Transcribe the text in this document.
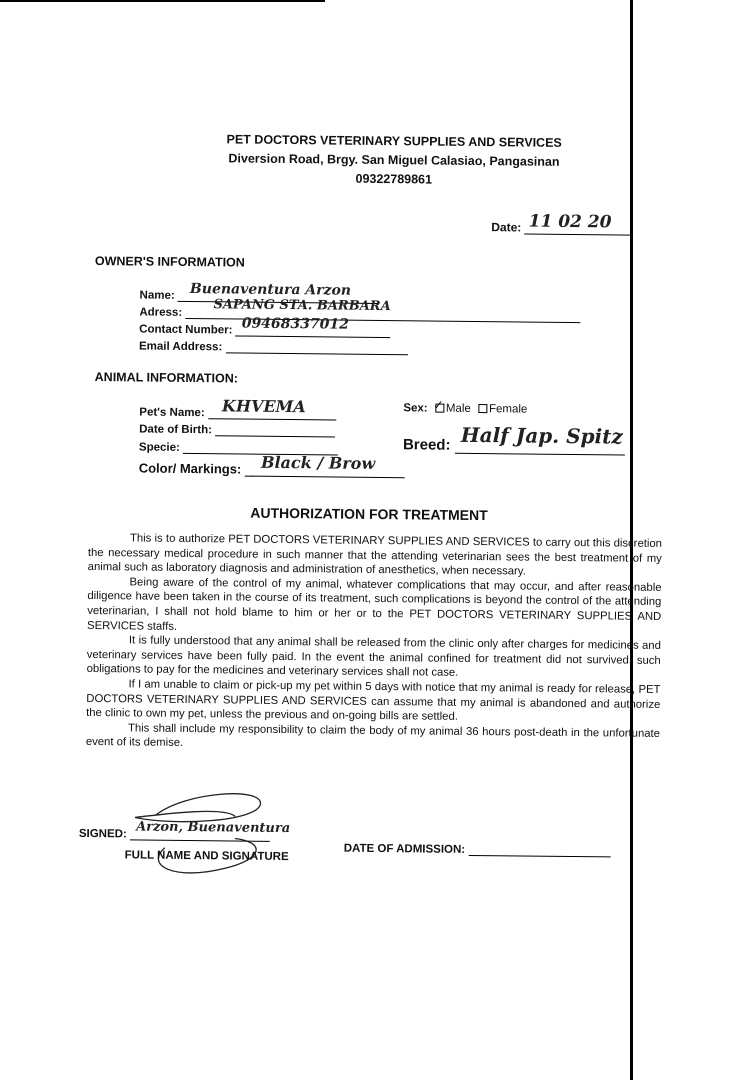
PET DOCTORS VETERINARY SUPPLIES AND SERVICES
Diversion Road, Brgy. San Miguel Calasiao, Pangasinan
09322789861
Date: 11 02 20
OWNER'S INFORMATION
Name: Buenaventura Arzon
Adress: SAPANG STA. BARBARA
Contact Number: 09468337012
Email Address:
ANIMAL INFORMATION:
Pet's Name: KHVEMA
Date of Birth:
Specie:
Color/ Markings: Black / Brow
Sex: ✓ Male Female
Breed: Half Jap. Spitz
AUTHORIZATION FOR TREATMENT

This is to authorize PET DOCTORS VETERINARY SUPPLIES AND SERVICES to carry out this discretion the necessary medical procedure in such manner that the attending veterinarian sees the best treatment of my animal such as laboratory diagnosis and administration of anesthetics, when necessary.

Being aware of the control of my animal, whatever complications that may occur, and after reasonable diligence have been taken in the course of its treatment, such complications is beyond the control of the attending veterinarian, I shall not hold blame to him or her or to the PET DOCTORS VETERINARY SUPPLIES AND SERVICES staffs.

It is fully understood that any animal shall be released from the clinic only after charges for medicines and veterinary services have been fully paid. In the event the animal confined for treatment did not survived, such obligations to pay for the medicines and veterinary services shall not case.

If I am unable to claim or pick-up my pet within 5 days with notice that my animal is ready for release, PET DOCTORS VETERINARY SUPPLIES AND SERVICES can assume that my animal is abandoned and authorize the clinic to own my pet, unless the previous and on-going bills are settled.

This shall include my responsibility to claim the body of my animal 36 hours post-death in the unfortunate event of its demise.

SIGNED: Arzon, Buenaventura
FULL NAME AND SIGNATURE
DATE OF ADMISSION:
